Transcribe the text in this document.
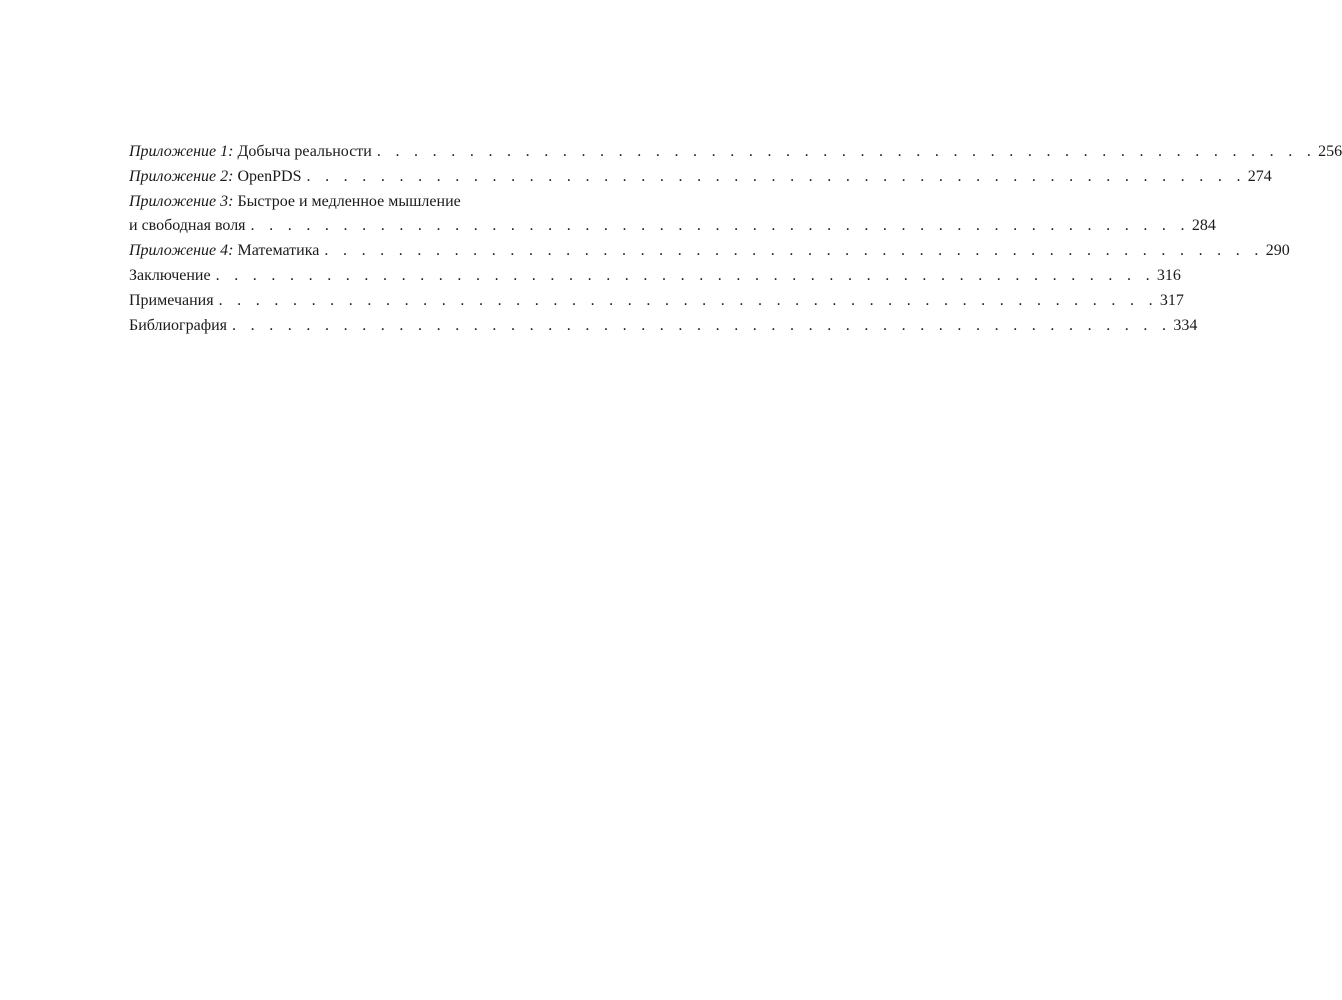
Приложение 1: Добыча реальности . . . . . . . . . . . . . . . . . . . . . . . . . . . . . . . . . . . . . . . . . . . . . . . . . . . 256
Приложение 2: OpenPDS . . . . . . . . . . . . . . . . . . . . . . . . . . . . . . . . . . . . . . . . . . . . . . . . . . . 274
Приложение 3: Быстрое и медленное мышление
и свободная воля . . . . . . . . . . . . . . . . . . . . . . . . . . . . . . . . . . . . . . . . . . . . . . . . . . . 284
Приложение 4: Математика . . . . . . . . . . . . . . . . . . . . . . . . . . . . . . . . . . . . . . . . . . . . . . . . . . . 290
Заключение . . . . . . . . . . . . . . . . . . . . . . . . . . . . . . . . . . . . . . . . . . . . . . . . . . . 316
Примечания . . . . . . . . . . . . . . . . . . . . . . . . . . . . . . . . . . . . . . . . . . . . . . . . . . . 317
Библиография . . . . . . . . . . . . . . . . . . . . . . . . . . . . . . . . . . . . . . . . . . . . . . . . . . . 334
